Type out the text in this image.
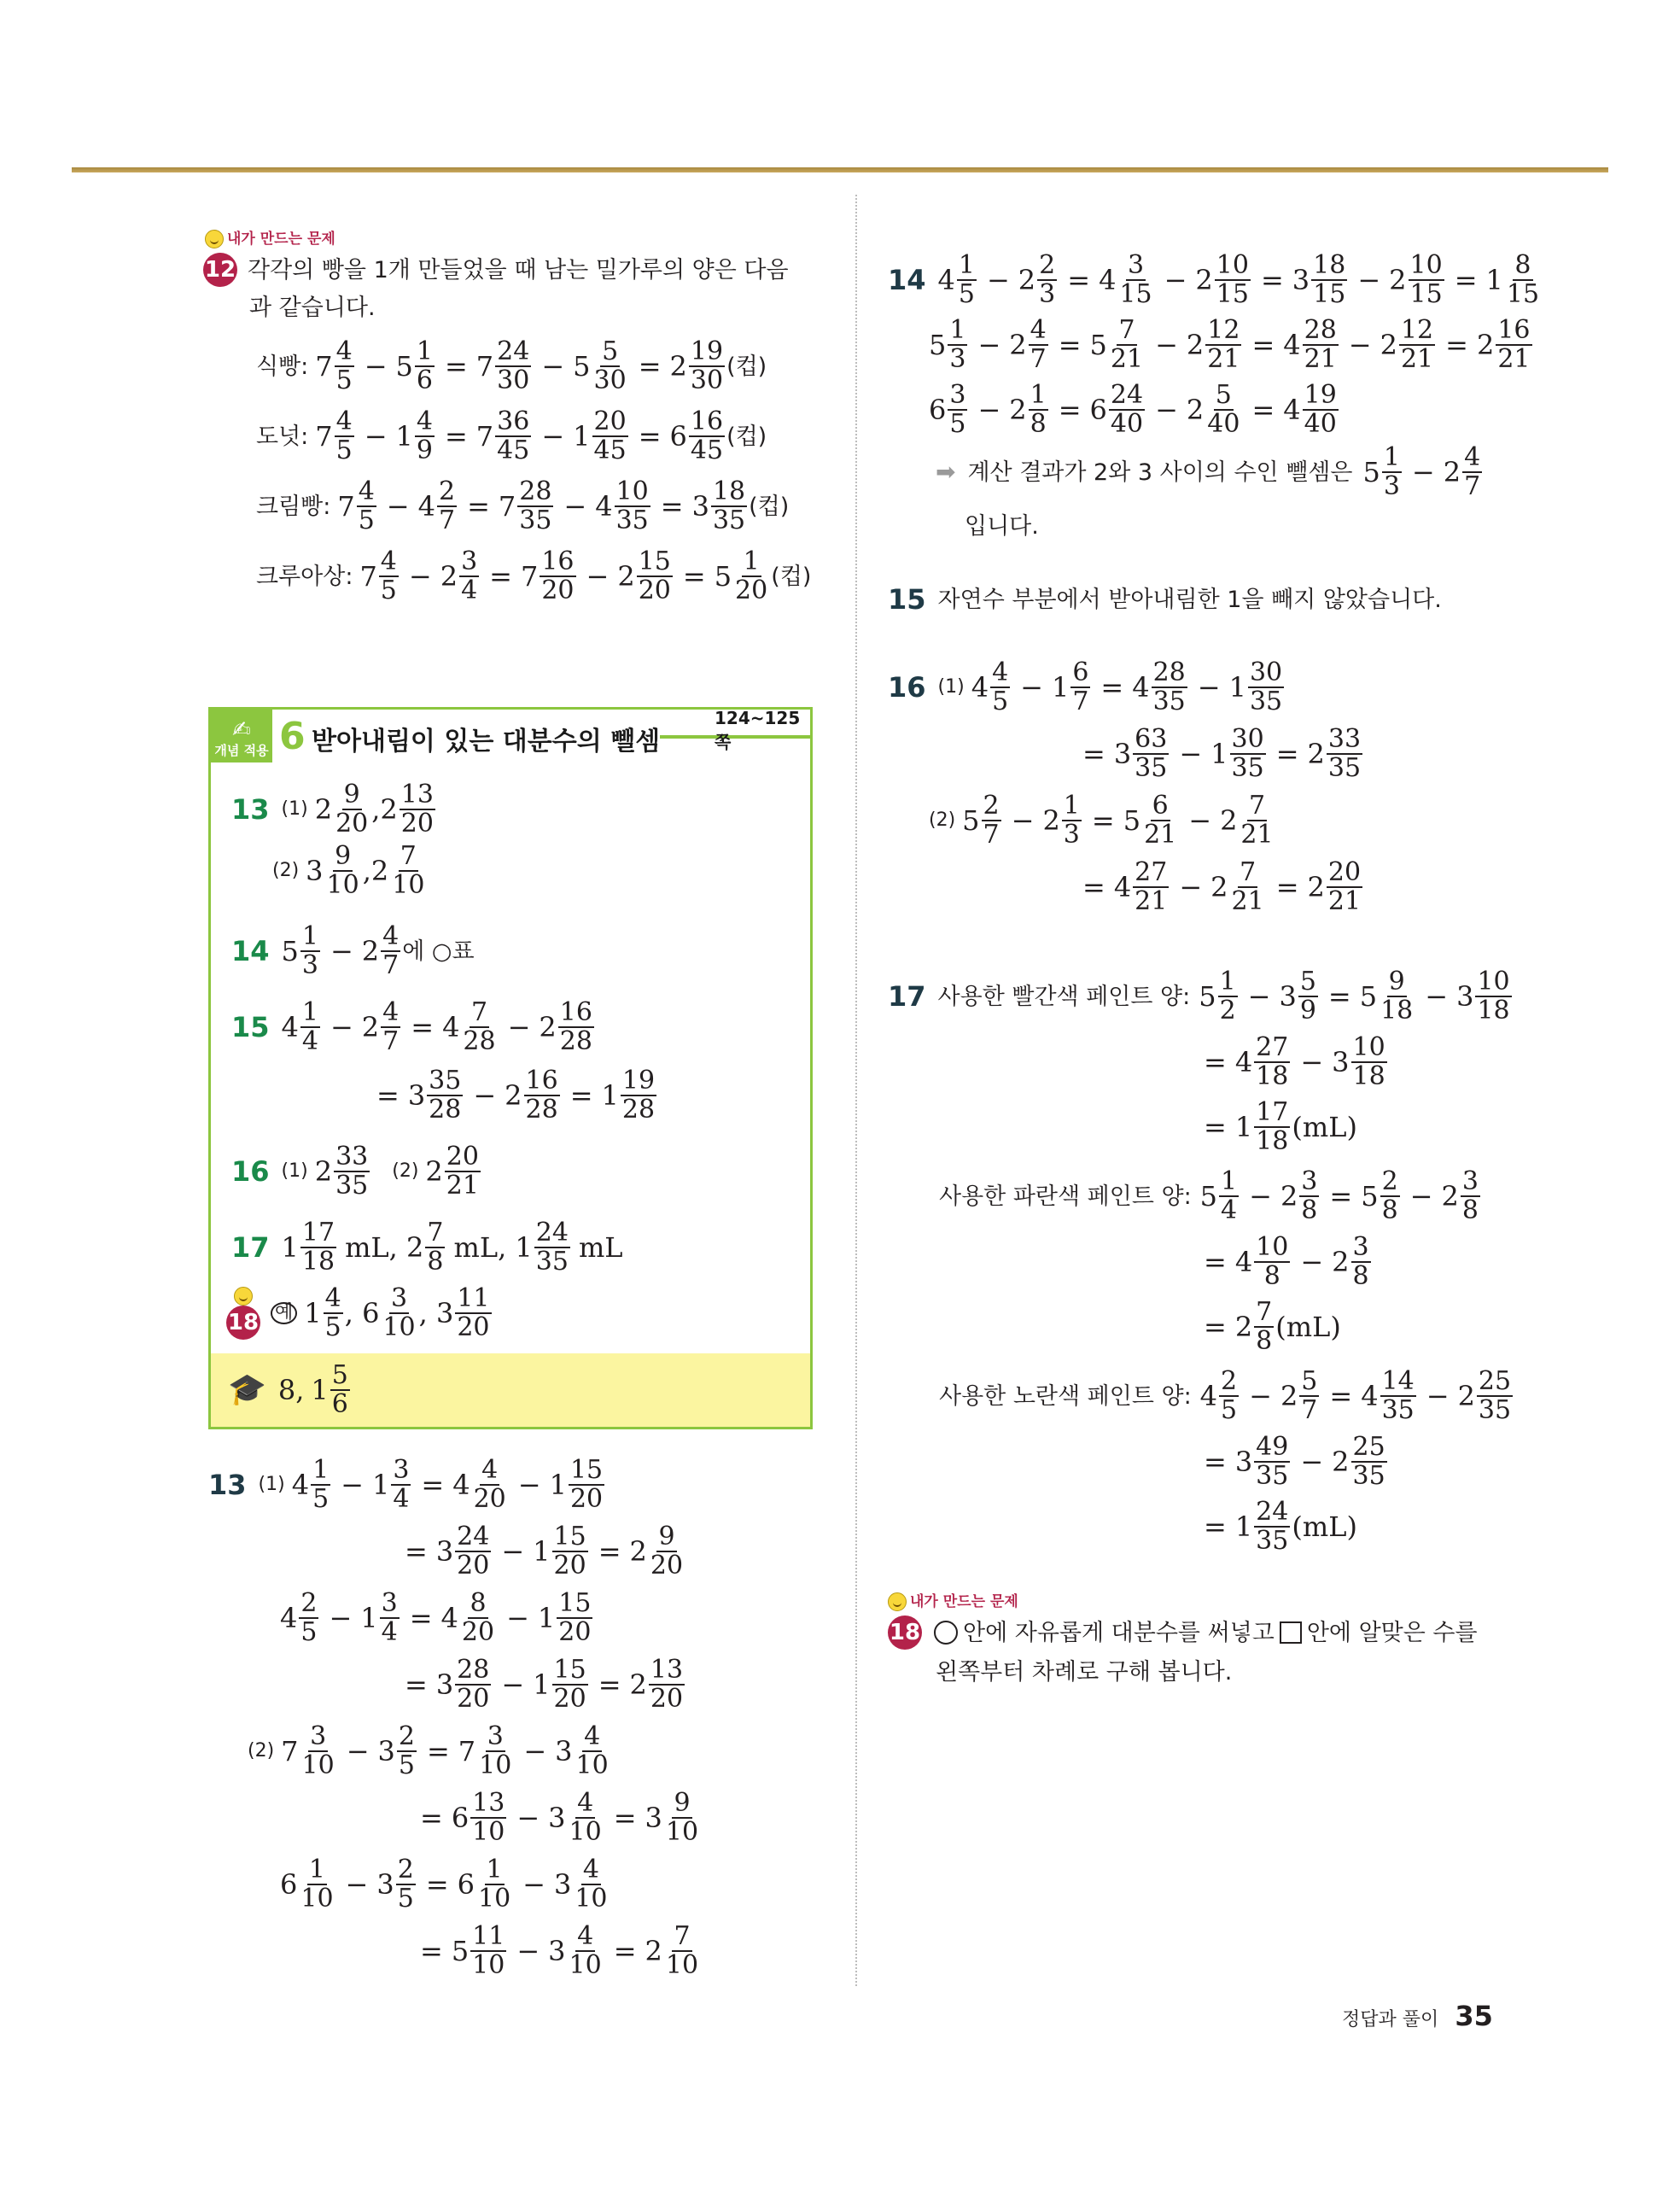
내가 만드는 문제
12 각각의 빵을 1개 만들었을 때 남는 밀가루의 양은 다음
과 같습니다.
식빵: $7 \frac{4}{5} - 5 \frac{1}{6} = 7 \frac{24}{30} - 5 \frac{5}{30} = 2 \frac{19}{30}$ (컵)
도넛: $7 \frac{4}{5} - 1 \frac{4}{9} = 7 \frac{36}{45} - 1 \frac{20}{45} = 6 \frac{16}{45}$ (컵)
크림빵: $7 \frac{4}{5} - 4 \frac{2}{7} = 7 \frac{28}{35} - 4 \frac{10}{35} = 3 \frac{18}{35}$ (컵)
크루아상: $7 \frac{4}{5} - 2 \frac{3}{4} = 7 \frac{16}{20} - 2 \frac{15}{20} = 5 \frac{1}{20}$ (컵)
✍
개념 적용 6 받아내림이 있는 대분수의 뺄셈
124~125쪽
13 (1) $2 \frac{9}{20}$ , $2 \frac{13}{20}$
(2) $3 \frac{9}{10}$ , $2 \frac{7}{10}$
14 $5 \frac{1}{3} - 2 \frac{4}{7}$ 에 ○표
15 $4 \frac{1}{4} - 2 \frac{4}{7} = 4 \frac{7}{28} - 2 \frac{16}{28}$
= $3 \frac{35}{28} - 2 \frac{16}{28} = 1 \frac{19}{28}$
16 (1) $2 \frac{33}{35} (2)$ $2 \frac{20}{21}$
17 $1 \frac{17}{18}$ mL , $2 \frac{7}{8}$ mL , $1 \frac{24}{35}$ mL
18 예 $1 \frac{4}{5}$ , $6 \frac{3}{10}$ , $3 \frac{11}{20}$
🎓 8 , $1 \frac{5}{6}$
13 (1) $4 \frac{1}{5} - 1 \frac{3}{4} = 4 \frac{4}{20} - 1 \frac{15}{20}$
= $3 \frac{24}{20} - 1 \frac{15}{20} = 2 \frac{9}{20}$
$4 \frac{2}{5} - 1 \frac{3}{4} = 4 \frac{8}{20} - 1 \frac{15}{20}$
= $3 \frac{28}{20} - 1 \frac{15}{20} = 2 \frac{13}{20}$
(2) $7 \frac{3}{10} - 3 \frac{2}{5} = 7 \frac{3}{10} - 3 \frac{4}{10}$
= $6 \frac{13}{10} - 3 \frac{4}{10} = 3 \frac{9}{10}$
$6 \frac{1}{10} - 3 \frac{2}{5} = 6 \frac{1}{10} - 3 \frac{4}{10}$
= $5 \frac{11}{10} - 3 \frac{4}{10} = 2 \frac{7}{10}$
14 $4 \frac{1}{5} - 2 \frac{2}{3} = 4 \frac{3}{15} - 2 \frac{10}{15} = 3 \frac{18}{15} - 2 \frac{10}{15} = 1 \frac{8}{15}$
$5 \frac{1}{3} - 2 \frac{4}{7} = 5 \frac{7}{21} - 2 \frac{12}{21} = 4 \frac{28}{21} - 2 \frac{12}{21} = 2 \frac{16}{21}$
$6 \frac{3}{5} - 2 \frac{1}{8} = 6 \frac{24}{40} - 2 \frac{5}{40} = 4 \frac{19}{40}$
➡ 계산 결과가 2와 3 사이의 수인 뺄셈은 $5 \frac{1}{3} - 2 \frac{4}{7}$
입니다.
15 자연수 부분에서 받아내림한 1을 빼지 않았습니다.
16 (1) $4 \frac{4}{5} - 1 \frac{6}{7} = 4 \frac{28}{35} - 1 \frac{30}{35}$
= $3 \frac{63}{35} - 1 \frac{30}{35} = 2 \frac{33}{35}$
(2) $5 \frac{2}{7} - 2 \frac{1}{3} = 5 \frac{6}{21} - 2 \frac{7}{21}$
= $4 \frac{27}{21} - 2 \frac{7}{21} = 2 \frac{20}{21}$
17 사용한 빨간색 페인트 양: $5 \frac{1}{2} - 3 \frac{5}{9} = 5 \frac{9}{18} - 3 \frac{10}{18}$
= $4 \frac{27}{18} - 3 \frac{10}{18}$
= $1 \frac{17}{18} (mL)$
사용한 파란색 페인트 양: $5 \frac{1}{4} - 2 \frac{3}{8} = 5 \frac{2}{8} - 2 \frac{3}{8}$
= $4 \frac{10}{8} - 2 \frac{3}{8}$
= $2 \frac{7}{8} (mL)$
사용한 노란색 페인트 양: $4 \frac{2}{5} - 2 \frac{5}{7} = 4 \frac{14}{35} - 2 \frac{25}{35}$
= $3 \frac{49}{35} - 2 \frac{25}{35}$
= $1 \frac{24}{35} (mL)$
내가 만드는 문제
18 안에 자유롭게 대분수를 써넣고 안에 알맞은 수를
왼쪽부터 차례로 구해 봅니다.
정답과 풀이 35
